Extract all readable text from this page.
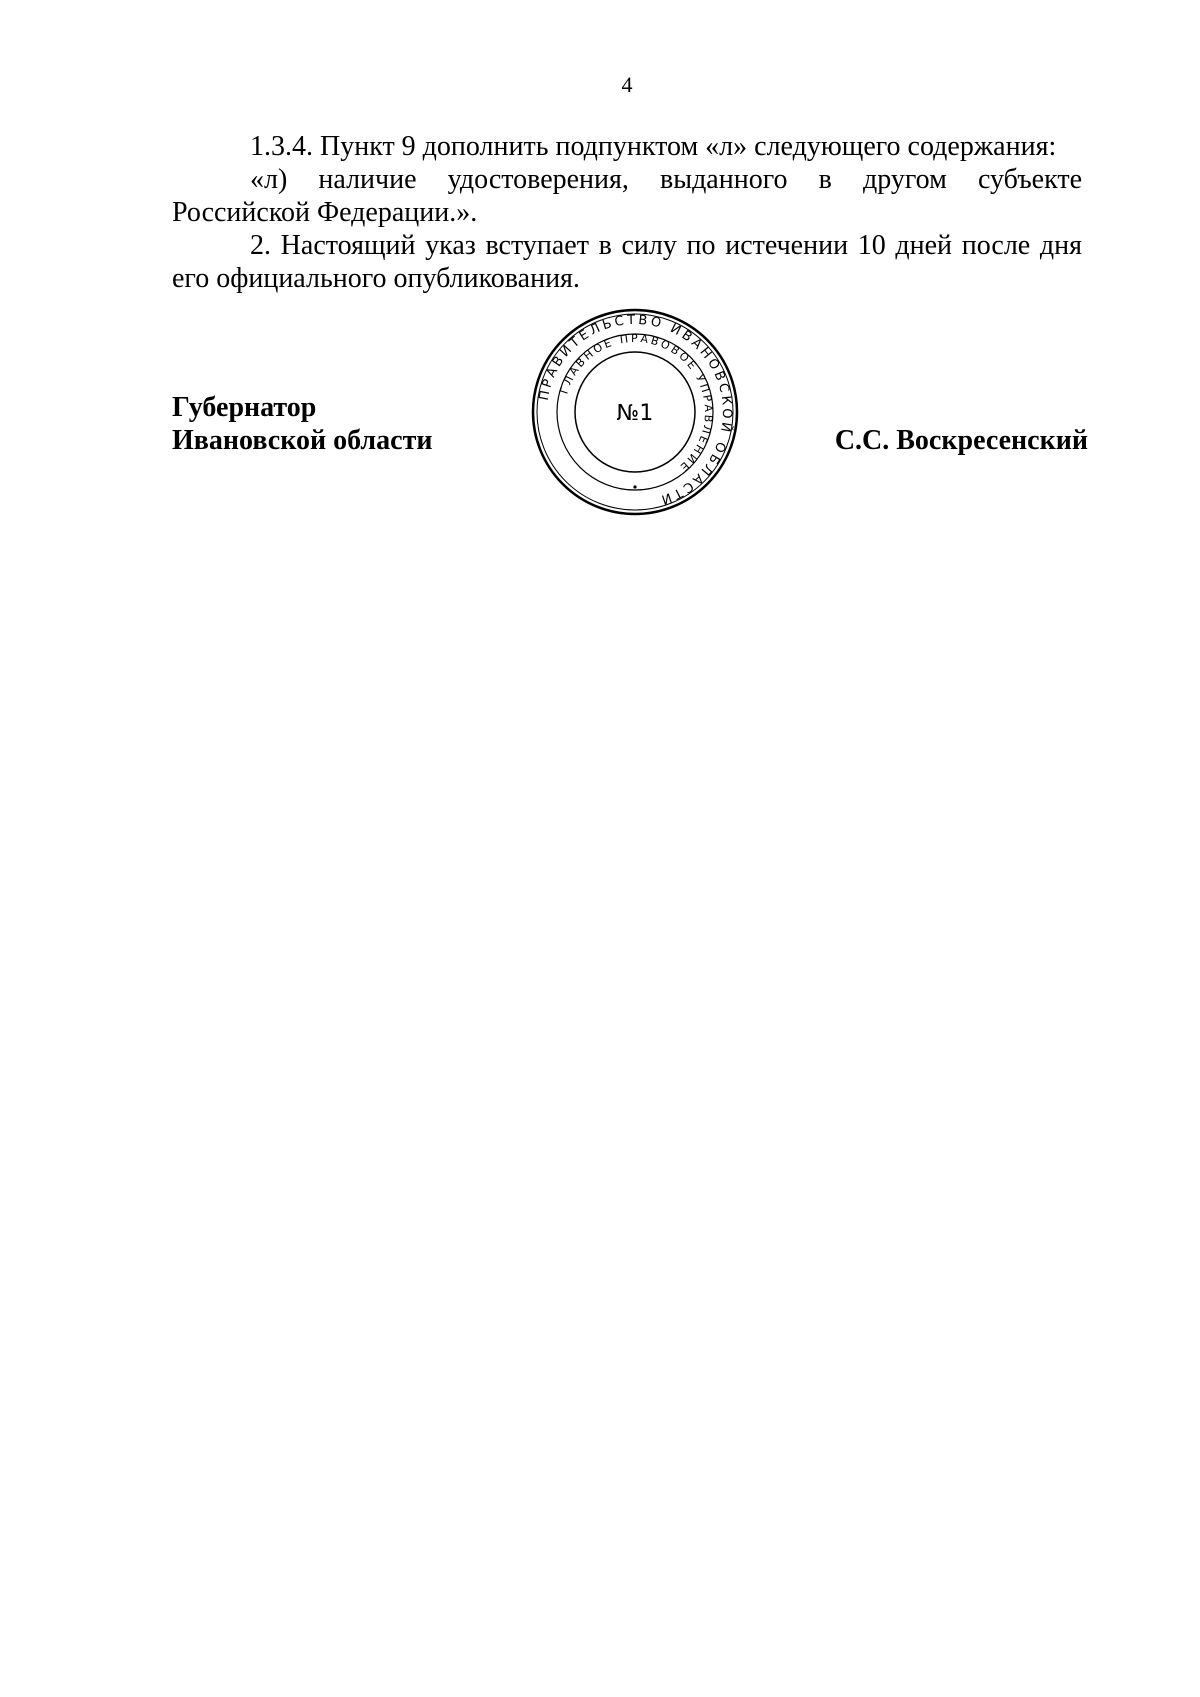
4

1.3.4. Пункт 9 дополнить подпунктом «л» следующего содержания:

«л) наличие удостоверения, выданного в другом субъекте Российской Федерации.».

2. Настоящий указ вступает в силу по истечении 10 дней после дня его официального опубликования.

Губернатор
Ивановской области
ПРАВИТЕЛЬСТВО ИВАНОВСКОЙ ОБЛАСТИ
ГЛАВНОЕ ПРАВОВОЕ УПРАВЛЕНИЕ
№1
С.С. Воскресенский
